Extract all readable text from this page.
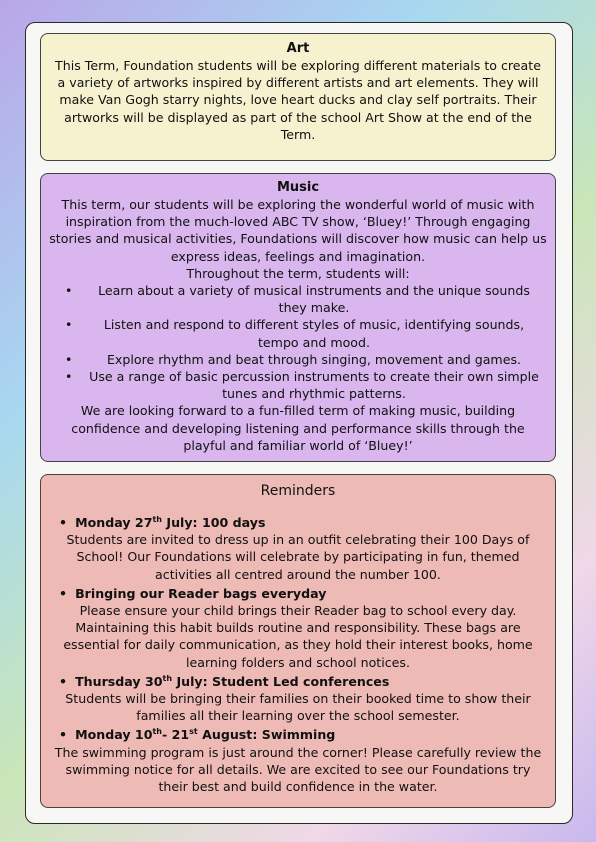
Art

This Term, Foundation students will be exploring different materials to create a variety of artworks inspired by different artists and art elements. They will make Van Gogh starry nights, love heart ducks and clay self portraits. Their artworks will be displayed as part of the school Art Show at the end of the Term.

Music

This term, our students will be exploring the wonderful world of music with inspiration from the much-loved ABC TV show, ‘Bluey!’ Through engaging stories and musical activities, Foundations will discover how music can help us express ideas, feelings and imagination.

Throughout the term, students will:

• Learn about a variety of musical instruments and the unique sounds they make.
• Listen and respond to different styles of music, identifying sounds, tempo and mood.
•	Explore rhythm and beat through singing, movement and games.
• Use a range of basic percussion instruments to create their own simple tunes and rhythmic patterns.

We are looking forward to a fun-filled term of making music, building confidence and developing listening and performance skills through the playful and familiar world of ‘Bluey!’

Reminders
• Monday 27th July: 100 days

Students are invited to dress up in an outfit celebrating their 100 Days of School! Our Foundations will celebrate by participating in fun, themed activities all centred around the number 100.

• Bringing our Reader bags everyday

Please ensure your child brings their Reader bag to school every day. Maintaining this habit builds routine and responsibility. These bags are essential for daily communication, as they hold their interest books, home learning folders and school notices.

• Thursday 30th July: Student Led conferences

Students will be bringing their families on their booked time to show their families all their learning over the school semester.

• Monday 10th- 21st August: Swimming

The swimming program is just around the corner! Please carefully review the swimming notice for all details. We are excited to see our Foundations try their best and build confidence in the water.
